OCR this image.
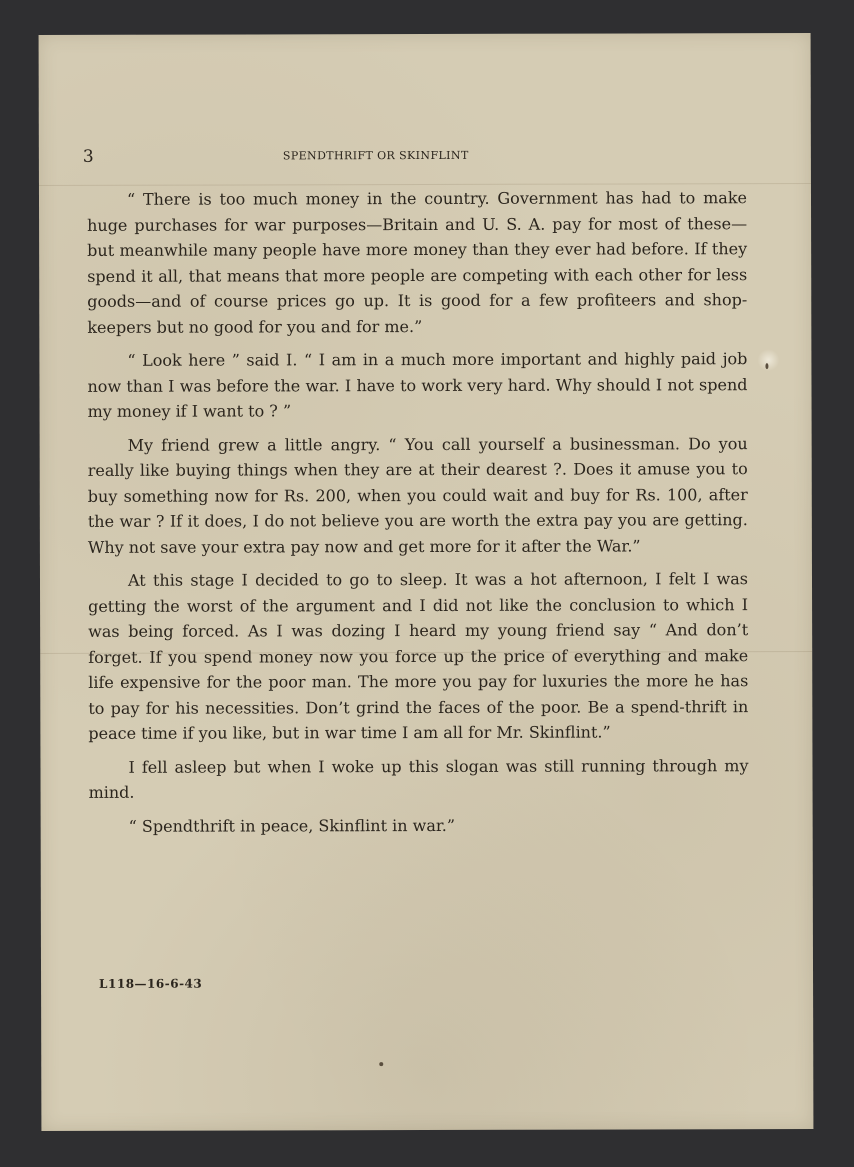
3	SPENDTHRIFT OR SKINFLINT

“ There is too much money in the country. Government has had to make huge purchases for war purposes—Britain and U. S. A. pay for most of these—but meanwhile many people have more money than they ever had before. If they spend it all, that means that more people are competing with each other for less goods—and of course prices go up. It is good for a few profiteers and shop-keepers but no good for you and for me.”

“ Look here ” said I. “ I am in a much more important and highly paid job now than I was before the war. I have to work very hard. Why should I not spend my money if I want to ? ”

My friend grew a little angry. “ You call yourself a businessman. Do you really like buying things when they are at their dearest ?. Does it amuse you to buy something now for Rs. 200, when you could wait and buy for Rs. 100, after the war ? If it does, I do not believe you are worth the extra pay you are getting. Why not save your extra pay now and get more for it after the War.”

At this stage I decided to go to sleep. It was a hot afternoon, I felt I was getting the worst of the argument and I did not like the conclusion to which I was being forced. As I was dozing I heard my young friend say “ And don’t forget. If you spend money now you force up the price of everything and make life expensive for the poor man. The more you pay for luxuries the more he has to pay for his necessities. Don’t grind the faces of the poor. Be a spend-thrift in peace time if you like, but in war time I am all for Mr. Skinflint.”

I fell asleep but when I woke up this slogan was still running through my mind.

“ Spendthrift in peace, Skinflint in war.”

L118—16-6-43
